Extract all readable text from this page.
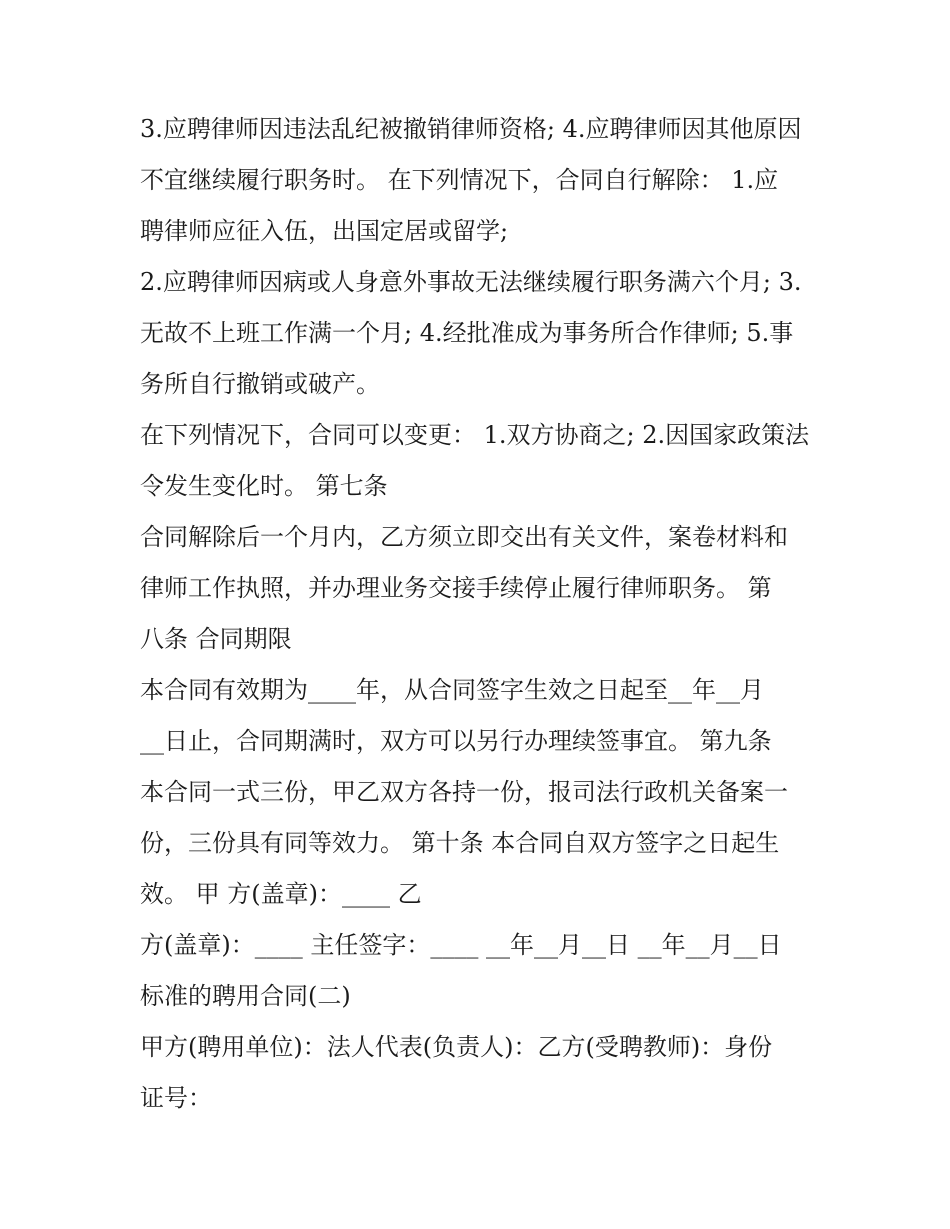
3.应聘律师因违法乱纪被撤销律师资格; 4.应聘律师因其他原因
不宜继续履行职务时。 在下列情况下，合同自行解除： 1.应
聘律师应征入伍，出国定居或留学;
2.应聘律师因病或人身意外事故无法继续履行职务满六个月; 3.
无故不上班工作满一个月; 4.经批准成为事务所合作律师; 5.事
务所自行撤销或破产。
在下列情况下，合同可以变更： 1.双方协商之; 2.因国家政策法
令发生变化时。 第七条
合同解除后一个月内，乙方须立即交出有关文件，案卷材料和
律师工作执照，并办理业务交接手续停止履行律师职务。 第
八条 合同期限
本合同有效期为____年，从合同签字生效之日起至__年__月
__日止，合同期满时，双方可以另行办理续签事宜。 第九条
本合同一式三份，甲乙双方各持一份，报司法行政机关备案一
份，三份具有同等效力。 第十条 本合同自双方签字之日起生
效。 甲 方(盖章)：____ 乙
方(盖章)：____ 主任签字：____ __年__月__日 __年__月__日
标准的聘用合同(二)
甲方(聘用单位)：法人代表(负责人)：乙方(受聘教师)：身份
证号：
